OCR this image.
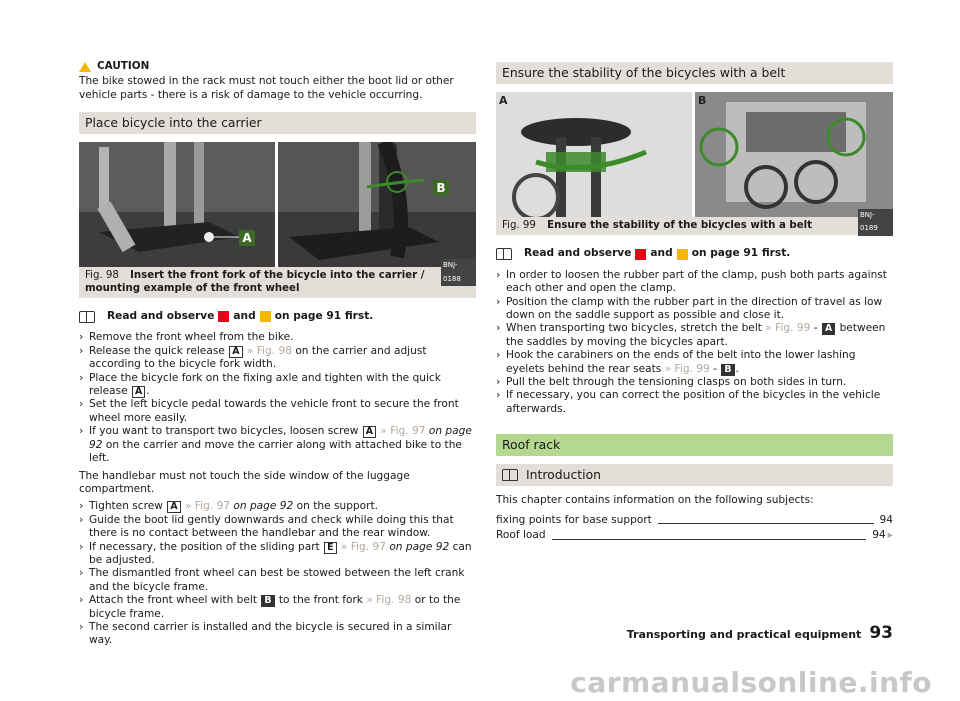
CAUTION
The bike stowed in the rack must not touch either the boot lid or other vehicle parts - there is a risk of damage to the vehicle occurring.
Place bicycle into the carrier
A
B
BNJ-0188
Fig. 98 Insert the front fork of the bicycle into the carrier / mounting example of the front wheel
Read and observe and on page 91 first.
› Remove the front wheel from the bike.
› Release the quick release A » Fig. 98 on the carrier and adjust according to the bicycle fork width.
› Place the bicycle fork on the fixing axle and tighten with the quick release A .
› Set the left bicycle pedal towards the vehicle front to secure the front wheel more easily.
› If you want to transport two bicycles, loosen screw A » Fig. 97 on page 92 on the carrier and move the carrier along with attached bike to the left.
The handlebar must not touch the side window of the luggage compartment.
› Tighten screw A » Fig. 97 on page 92 on the support.
› Guide the boot lid gently downwards and check while doing this that there is no contact between the handlebar and the rear window.
› If necessary, the position of the sliding part E » Fig. 97 on page 92 can be adjusted.
› The dismantled front wheel can best be stowed between the left crank and the bicycle frame.
› Attach the front wheel with belt B to the front fork » Fig. 98 or to the bicycle frame.
› The second carrier is installed and the bicycle is secured in a similar way.
Ensure the stability of the bicycles with a belt
A	B
BNJ-0189
Fig. 99 Ensure the stability of the bicycles with a belt
Read and observe and on page 91 first.
› In order to loosen the rubber part of the clamp, push both parts against each other and open the clamp.
› Position the clamp with the rubber part in the direction of travel as low down on the saddle support as possible and close it.
› When transporting two bicycles, stretch the belt » Fig. 99 - A between the saddles by moving the bicycles apart.
› Hook the carabiners on the ends of the belt into the lower lashing eyelets behind the rear seats » Fig. 99 - B .
› Pull the belt through the tensioning clasps on both sides in turn.
› If necessary, you can correct the position of the bicycles in the vehicle afterwards.
Roof rack
Introduction
This chapter contains information on the following subjects:
fixing points for base support	94
Roof load	94 ▸
Transporting and practical equipment 93
carmanualsonline.info
